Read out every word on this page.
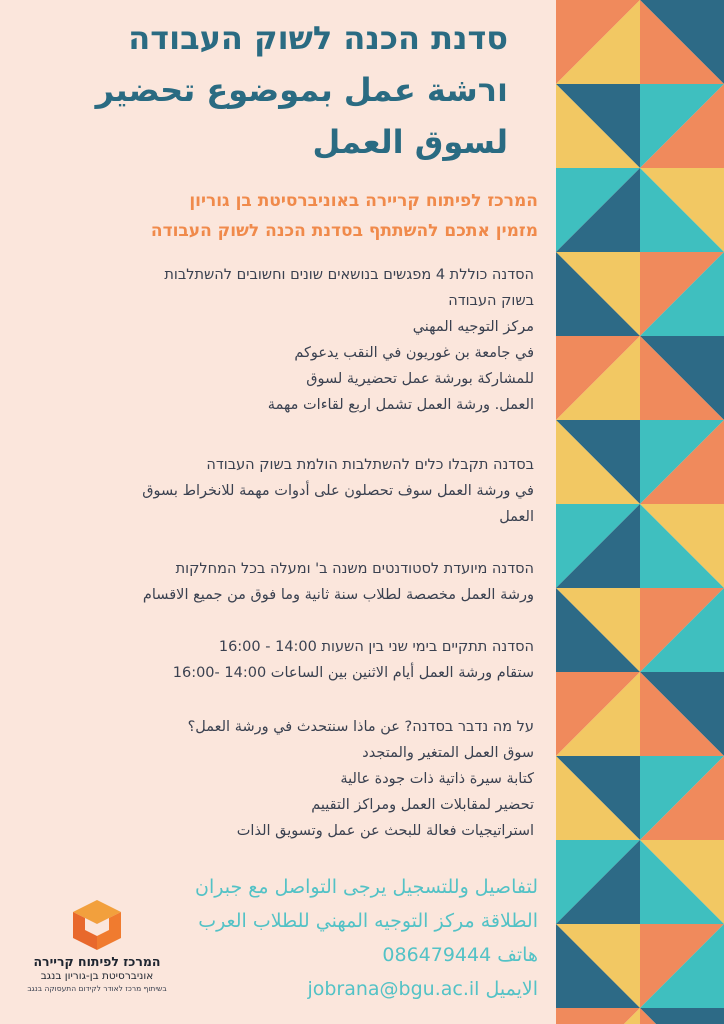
סדנת הכנה לשוק העבודה
ורشة عمل بموضوع تحضير
لسوق العمل
המרכז לפיתוח קריירה באוניברסיטת בן גוריון
מזמין אתכם להשתתף בסדנת הכנה לשוק העבודה
הסדנה כוללת 4 מפגשים בנושאים שונים וחשובים להשתלבות
בשוק העבודה
مركز التوجيه المهني
في جامعة بن غوريون في النقب يدعوكم
للمشاركة بورشة عمل تحضيرية لسوق
العمل. ورشة العمل تشمل اربع لقاءات مهمة
בסדנה תקבלו כלים להשתלבות הולמת בשוק העבודה
في ورشة العمل سوف تحصلون على أدوات مهمة للانخراط بسوق
العمل
הסדנה מיועדת לסטודנטים משנה ב' ומעלה בכל המחלקות
ورشة العمل مخصصة لطلاب سنة ثانية وما فوق من جميع الاقسام
הסדנה תתקיים בימי שני בין השעות 14:00 - 16:00
ستقام ورشة العمل أيام الاثنين بين الساعات 14:00 -16:00
על מה נדבר בסדנה? عن ماذا سنتحدث في ورشة العمل؟
سوق العمل المتغير والمتجدد
كتابة سيرة ذاتية ذات جودة عالية
تحضير لمقابلات العمل ومراكز التقييم
استراتيجيات فعالة للبحث عن عمل وتسويق الذات
لتفاصيل وللتسجيل يرجى التواصل مع جبران
الطلاقة مركز التوجيه المهني للطلاب العرب
هاتف 086479444
الايميل jobrana@bgu.ac.il
המרכז לפיתוח קריירה
אוניברסיטת בן-גוריון בנגב
בשיתוף מרכז לאודר לקידום התעסוקה בנגב
